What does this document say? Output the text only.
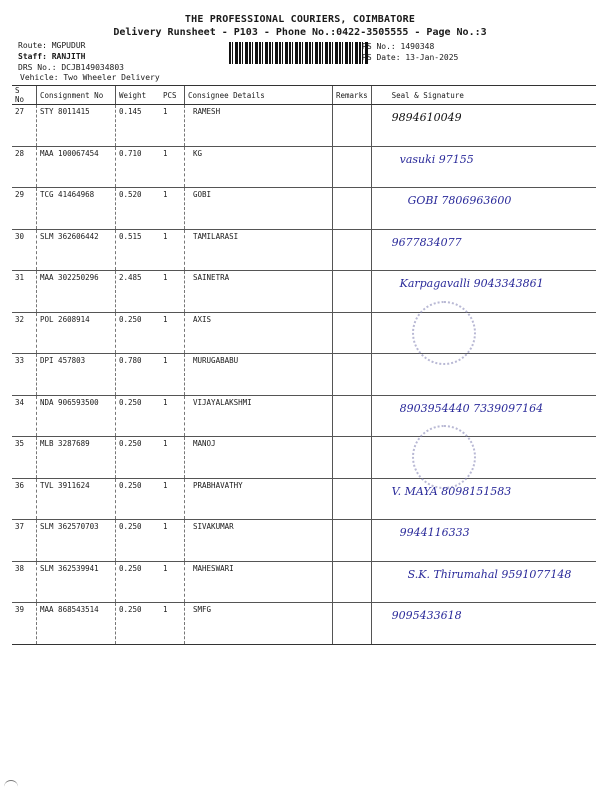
THE PROFESSIONAL COURIERS, COIMBATORE
Delivery Runsheet - P103 - Phone No.:0422-3505555 - Page No.:3
Route: MGPUDUR
Staff: RANJITH
DRS No.: DCJB149034803
Vehicle: Two Wheeler Delivery
RS No.: 1490348
RS Date: 13-Jan-2025
S No	Consignment No	Weight	PCS	Consignee Details	Remarks	Seal & Signature
27	STY 8011415	0.145	1	RAMESH		9894610049

28	MAA 100067454	0.710	1	KG		vasuki 97155

29	TCG 41464968	0.520	1	GOBI		GOBI 7806963600

30	SLM 362606442	0.515	1	TAMILARASI		9677834077

31	MAA 302250296	2.485	1	SAINETRA		Karpagavalli 9043343861

32	POL 2608914	0.250	1	AXIS		

33	DPI 457803	0.780	1	MURUGABABU		
34	NDA 906593500	0.250	1	VIJAYALAKSHMI		8903954440 7339097164

35	MLB 3287689	0.250	1	MANOJ		

36	TVL 3911624	0.250	1	PRABHAVATHY		V. MAYA 8098151583

37	SLM 362570703	0.250	1	SIVAKUMAR		9944116333

38	SLM 362539941	0.250	1	MAHESWARI		S.K. Thirumahal 9591077148

39	MAA 868543514	0.250	1	SMFG		9095433618
